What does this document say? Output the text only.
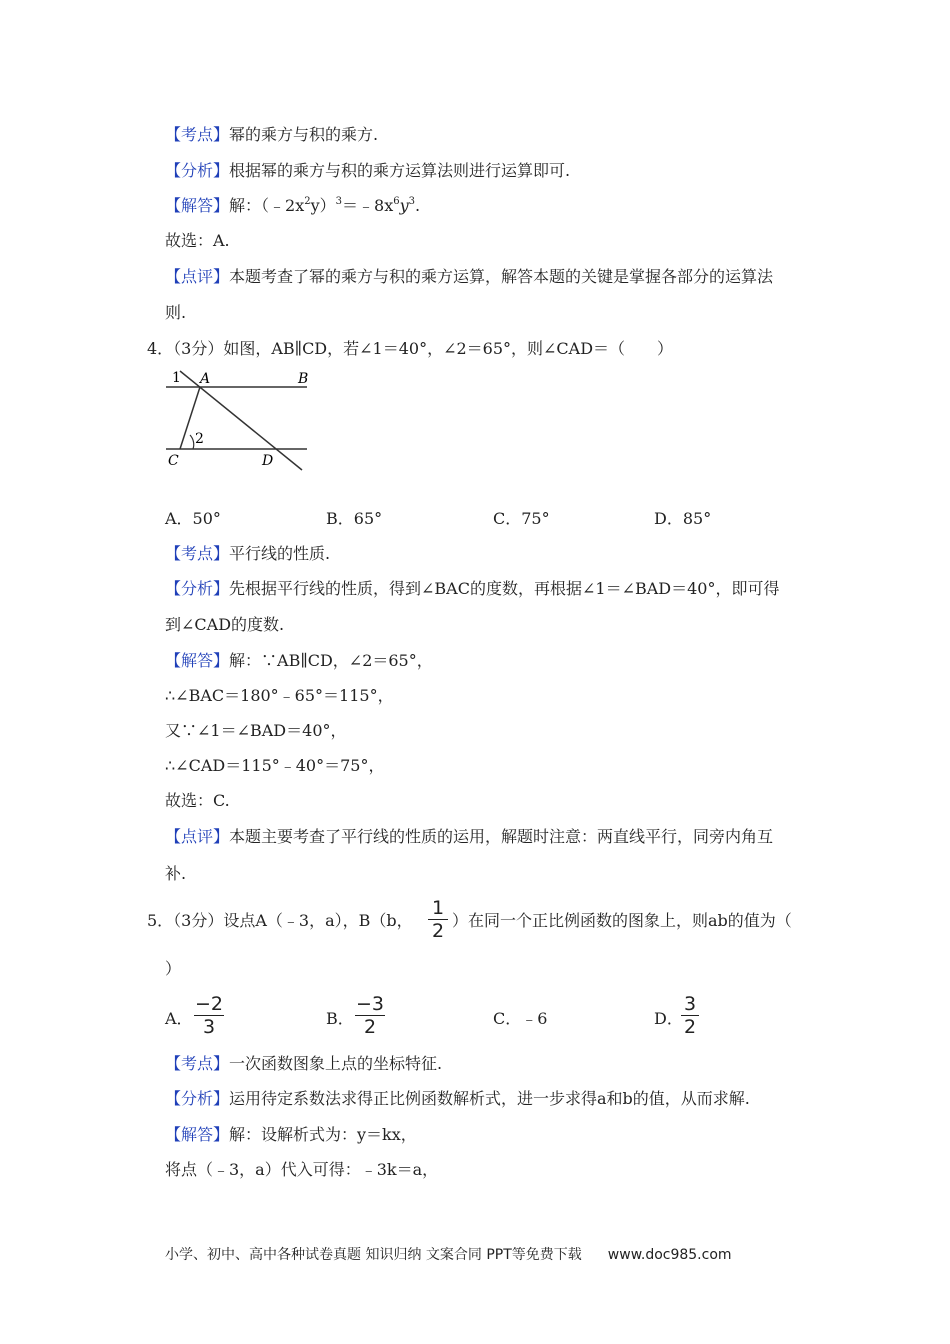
【考点】幂的乘方与积的乘方.
【分析】根据幂的乘方与积的乘方运算法则进行运算即可.
【解答】解：$(﹣2x^2y)^3=﹣8x^6y^3$.
故选：A.
【点评】本题考查了幂的乘方与积的乘方运算，解答本题的关键是掌握各部分的运算法
则.
4．（3分）如图，AB∥CD，若∠1＝40°，∠2＝65°，则∠CAD＝（　　）
1 A	B
C	D
2
A．50°	B．65°	C．75°	D．85°
【考点】平行线的性质.
【分析】先根据平行线的性质，得到∠BAC的度数，再根据∠1＝∠BAD＝40°，即可得
到∠CAD的度数.
【解答】解：∵AB∥CD，∠2＝65°，
∴∠BAC＝180°﹣65°＝115°，
又∵∠1＝∠BAD＝40°，
∴∠CAD＝115°﹣40°＝75°，
故选：C.
【点评】本题主要考查了平行线的性质的运用，解题时注意：两直线平行，同旁内角互
补.
5．（3分）设点A（﹣3，a），B（b，
1
2 ）在同一个正比例函数的图象上，则ab的值为（
）
A．
−2
3	B．
−3
2	C．﹣6	D．
3
2
【考点】一次函数图象上点的坐标特征.
【分析】运用待定系数法求得正比例函数解析式，进一步求得a和b的值，从而求解.
【解答】解：设解析式为：y＝kx，
将点（﹣3，a）代入可得：﹣3k＝a，
小学、初中、高中各种试卷真题 知识归纳 文案合同 PPT等免费下载 www.doc985.com
